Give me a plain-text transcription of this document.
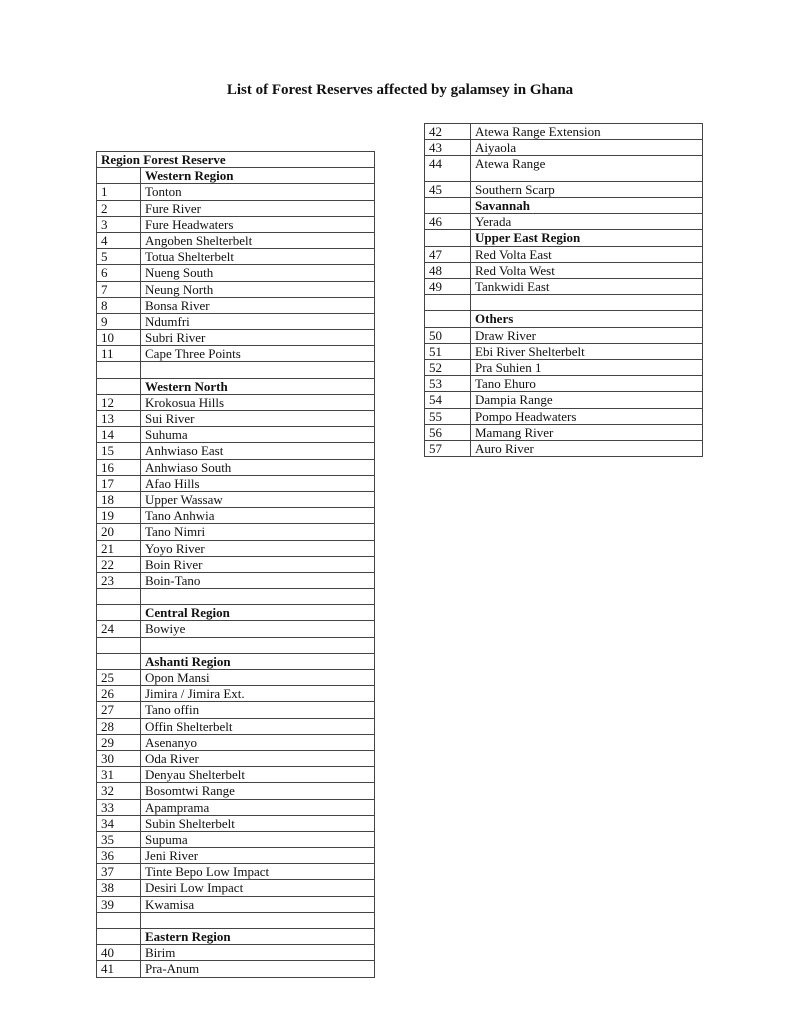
List of Forest Reserves affected by galamsey in Ghana
Region Forest Reserve	
	Western Region
1	Tonton
2	Fure River
3	Fure Headwaters
4	Angoben Shelterbelt
5	Totua Shelterbelt
6	Nueng South
7	Neung North
8	Bonsa River
9	Ndumfri
10	Subri River
11	Cape Three Points

	Western North
12	Krokosua Hills
13	Sui River
14	Suhuma
15	Anhwiaso East
16	Anhwiaso South
17	Afao Hills
18	Upper Wassaw
19	Tano Anhwia
20	Tano Nimri
21	Yoyo River
22	Boin River
23	Boin-Tano

	Central Region
24	Bowiye

	Ashanti Region
25	Opon Mansi
26	Jimira / Jimira Ext.
27	Tano offin
28	Offin Shelterbelt
29	Asenanyo
30	Oda River
31	Denyau Shelterbelt
32	Bosomtwi Range
33	Apamprama
34	Subin Shelterbelt
35	Supuma
36	Jeni River
37	Tinte Bepo Low Impact
38	Desiri Low Impact
39	Kwamisa

	Eastern Region
40	Birim
41	Pra-Anum
42	Atewa Range Extension
43	Aiyaola
44	Atewa Range
45	Southern Scarp
	Savannah
46	Yerada
	Upper East Region
47	Red Volta East
48	Red Volta West
49	Tankwidi East

	Others
50	Draw River
51	Ebi River Shelterbelt
52	Pra Suhien 1
53	Tano Ehuro
54	Dampia Range
55	Pompo Headwaters
56	Mamang River
57	Auro River
